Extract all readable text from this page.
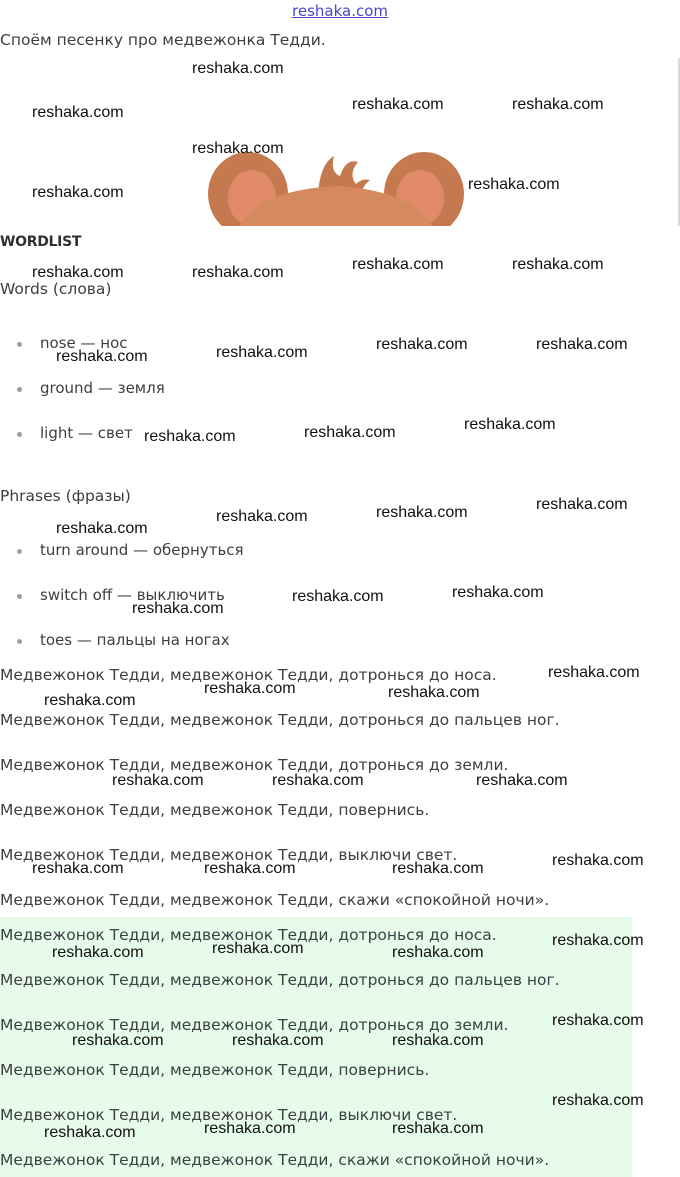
reshaka.com
Споём песенку про медвежонка Тедди.
WORDLIST
Words (слова)
nose — нос
ground — земля
light — свет
Phrases (фразы)
turn around — обернуться
switch off — выключить
toes — пальцы на ногах
Медвежонок Тедди, медвежонок Тедди, дотронься до носа.
Медвежонок Тедди, медвежонок Тедди, дотронься до пальцев ног.
Медвежонок Тедди, медвежонок Тедди, дотронься до земли.
Медвежонок Тедди, медвежонок Тедди, повернись.
Медвежонок Тедди, медвежонок Тедди, выключи свет.
Медвежонок Тедди, медвежонок Тедди, скажи «спокойной ночи».
Медвежонок Тедди, медвежонок Тедди, дотронься до носа.
Медвежонок Тедди, медвежонок Тедди, дотронься до пальцев ног.
Медвежонок Тедди, медвежонок Тедди, дотронься до земли.
Медвежонок Тедди, медвежонок Тедди, повернись.
Медвежонок Тедди, медвежонок Тедди, выключи свет.
Медвежонок Тедди, медвежонок Тедди, скажи «спокойной ночи».
reshaka.com
reshaka.com	reshaka.com	reshaka.com
reshaka.com
reshaka.com	reshaka.com
reshaka.com	reshaka.com	reshaka.com	reshaka.com
reshaka.com	reshaka.com	reshaka.com	reshaka.com
reshaka.com	reshaka.com	reshaka.com
reshaka.com
reshaka.com	reshaka.com	reshaka.com
reshaka.com
reshaka.com	reshaka.com
reshaka.com
reshaka.com
reshaka.com	reshaka.com
reshaka.com	reshaka.com	reshaka.com
reshaka.com	reshaka.com	reshaka.com	reshaka.com
reshaka.com	reshaka.com	reshaka.com
reshaka.com
reshaka.com
reshaka.com	reshaka.com	reshaka.com
reshaka.com
reshaka.com	reshaka.com	reshaka.com
